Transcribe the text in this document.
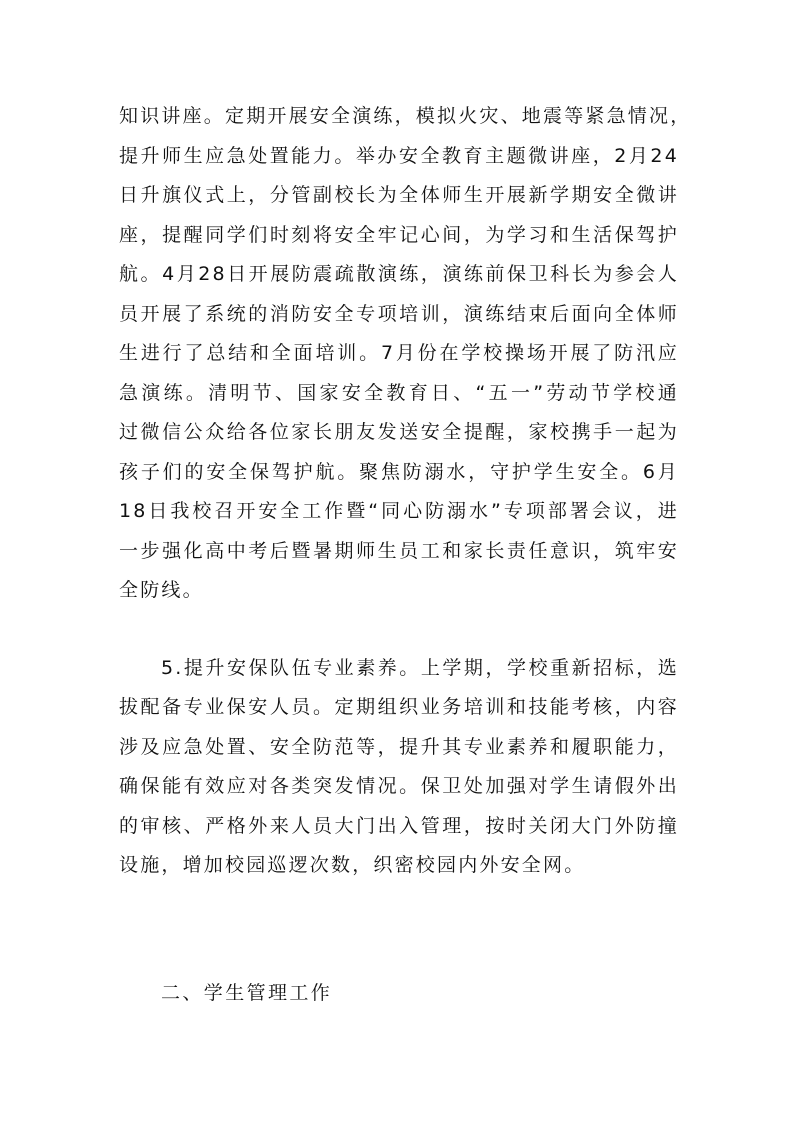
知识讲座。定期开展安全演练，模拟火灾、地震等紧急情况，
提升师生应急处置能力。举办安全教育主题微讲座，2月24
日升旗仪式上，分管副校长为全体师生开展新学期安全微讲
座，提醒同学们时刻将安全牢记心间，为学习和生活保驾护
航。4月28日开展防震疏散演练，演练前保卫科长为参会人
员开展了系统的消防安全专项培训，演练结束后面向全体师
生进行了总结和全面培训。7月份在学校操场开展了防汛应
急演练。清明节、国家安全教育日、“五一”劳动节学校通
过微信公众给各位家长朋友发送安全提醒，家校携手一起为
孩子们的安全保驾护航。聚焦防溺水，守护学生安全。6月
18日我校召开安全工作暨“同心防溺水”专项部署会议，进
一步强化高中考后暨暑期师生员工和家长责任意识，筑牢安
全防线。
5.提升安保队伍专业素养。上学期，学校重新招标，选
拔配备专业保安人员。定期组织业务培训和技能考核，内容
涉及应急处置、安全防范等，提升其专业素养和履职能力，
确保能有效应对各类突发情况。保卫处加强对学生请假外出
的审核、严格外来人员大门出入管理，按时关闭大门外防撞
设施，增加校园巡逻次数，织密校园内外安全网。
二、学生管理工作
